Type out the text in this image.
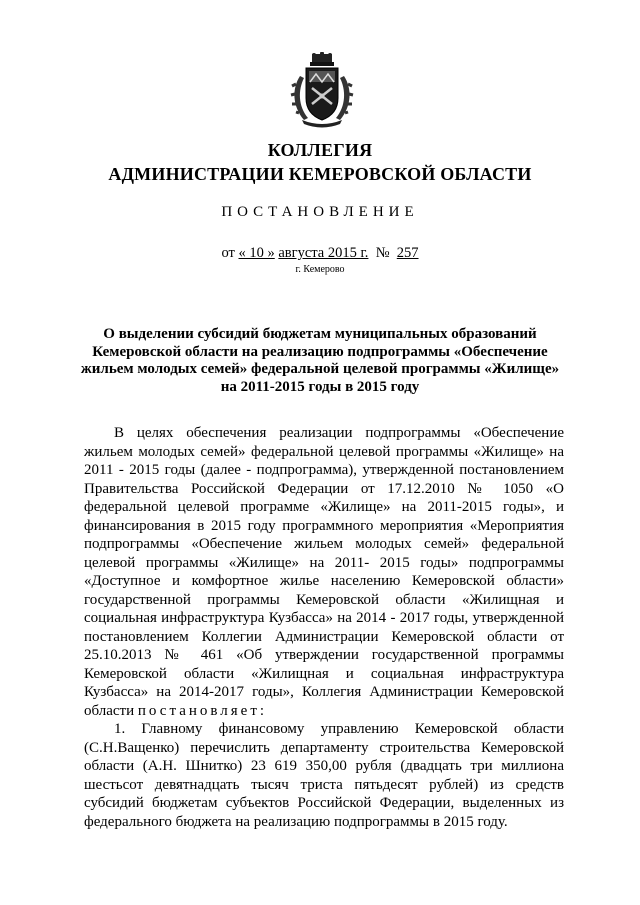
КОЛЛЕГИЯ
АДМИНИСТРАЦИИ КЕМЕРОВСКОЙ ОБЛАСТИ
ПОСТАНОВЛЕНИЕ
от « 10 » августа 2015 г. № 257
г. Кемерово
О выделении субсидий бюджетам муниципальных образований Кемеровской области на реализацию подпрограммы «Обеспечение жильем молодых семей» федеральной целевой программы «Жилище» на 2011-2015 годы в 2015 году

В целях обеспечения реализации подпрограммы «Обеспечение жильем молодых семей» федеральной целевой программы «Жилище» на 2011 - 2015 годы (далее - подпрограмма), утвержденной постановлением Правительства Российской Федерации от 17.12.2010 № 1050 «О федеральной целевой программе «Жилище» на 2011-2015 годы», и финансирования в 2015 году программного мероприятия «Мероприятия подпрограммы «Обеспечение жильем молодых семей» федеральной целевой программы «Жилище» на 2011- 2015 годы» подпрограммы «Доступное и комфортное жилье населению Кемеровской области» государственной программы Кемеровской области «Жилищная и социальная инфраструктура Кузбасса» на 2014 - 2017 годы, утвержденной постановлением Коллегии Администрации Кемеровской области от 25.10.2013 № 461 «Об утверждении государственной программы Кемеровской области «Жилищная и социальная инфраструктура Кузбасса» на 2014-2017 годы», Коллегия Администрации Кемеровской области постановляет:

1. Главному финансовому управлению Кемеровской области (С.Н.Ващенко) перечислить департаменту строительства Кемеровской области (А.Н. Шнитко) 23 619 350,00 рубля (двадцать три миллиона шестьсот девятнадцать тысяч триста пятьдесят рублей) из средств субсидий бюджетам субъектов Российской Федерации, выделенных из федерального бюджета на реализацию подпрограммы в 2015 году.
